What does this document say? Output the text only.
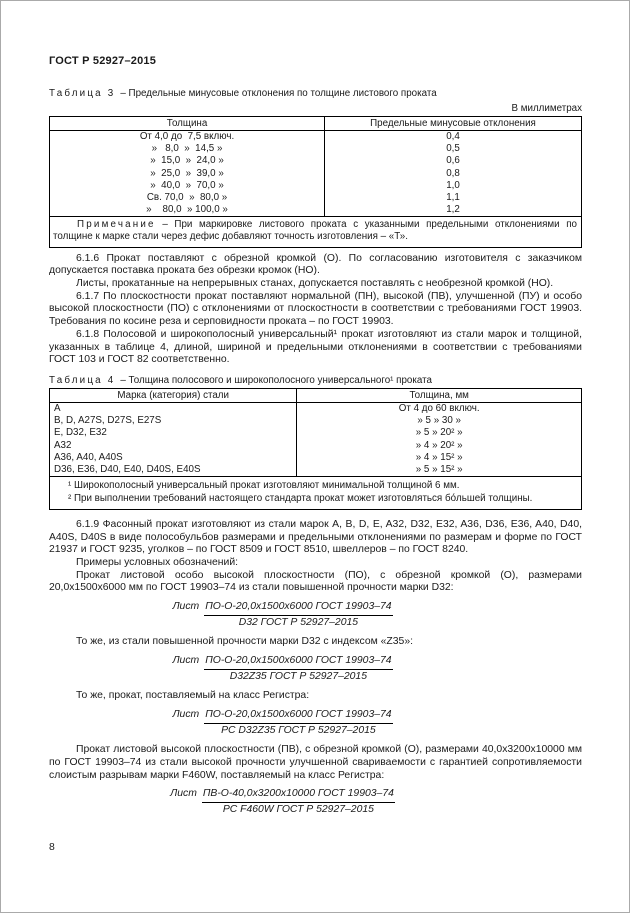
ГОСТ Р 52927–2015
Таблица 3 – Предельные минусовые отклонения по толщине листового проката
В миллиметрах
Толщина	Предельные минусовые отклонения
От 4,0 до  7,5 включ.	0,4
»   8,0  »  14,5 »	0,5
»  15,0  »  24,0 »	0,6
»  25,0  »  39,0 »	0,8
»  40,0  »  70,0 »	1,0
Св. 70,0  »  80,0 »	1,1
»    80,0  » 100,0 »	1,2
Примечание – При маркировке листового проката с указанными предельными отклонениями по толщине к марке стали через дефис добавляют точность изготовления – «Т».	

6.1.6 Прокат поставляют с обрезной кромкой (О). По согласованию изготовителя с заказчиком допускается поставка проката без обрезки кромок (НО).

Листы, прокатанные на непрерывных станах, допускается поставлять с необрезной кромкой (НО).

6.1.7 По плоскостности прокат поставляют нормальной (ПН), высокой (ПВ), улучшенной (ПУ) и особо высокой плоскостности (ПО) с отклонениями от плоскостности в соответствии с требованиями ГОСТ 19903. Требования по косине реза и серповидности проката – по ГОСТ 19903.

6.1.8 Полосовой и широкополосный универсальный¹ прокат изготовляют из стали марок и толщиной, указанных в таблице 4, длиной, шириной и предельными отклонениями в соответствии с требованиями ГОСТ 103 и ГОСТ 82 соответственно.

Таблица 4 – Толщина полосового и широкополосного универсального¹ проката
Марка (категория) стали	Толщина, мм
А	От 4 до 60 включ.
B, D, A27S, D27S, E27S	» 5 » 30 »
E, D32, E32	» 5 » 20² »
A32	» 4 » 20² »
A36, A40, A40S	» 4 » 15² »
D36, E36, D40, E40, D40S, E40S	» 5 » 15² »

¹ Широкополосный универсальный прокат изготовляют минимальной толщиной 6 мм.
² При выполнении требований настоящего стандарта прокат может изготовляться бо́льшей толщины.	

6.1.9 Фасонный прокат изготовляют из стали марок A, B, D, E, A32, D32, E32, A36, D36, E36, A40, D40, A40S, D40S в виде полособульбов размерами и предельными отклонениями по размерам и форме по ГОСТ 21937 и ГОСТ 9235, уголков – по ГОСТ 8509 и ГОСТ 8510, швеллеров – по ГОСТ 8240.

Примеры условных обозначений:

Прокат листовой особо высокой плоскостности (ПО), с обрезной кромкой (О), размерами 20,0х1500х6000 мм по ГОСТ 19903–74 из стали повышенной прочности марки D32:

Лист $\frac{\text{ПО-О-20,0х1500х6000 ГОСТ 19903–74}}{\text{D32 ГОСТ Р 52927–2015}}$

То же, из стали повышенной прочности марки D32 с индексом «Z35»:

Лист $\frac{\text{ПО-О-20,0х1500х6000 ГОСТ 19903–74}}{\text{D32Z35 ГОСТ Р 52927–2015}}$

То же, прокат, поставляемый на класс Регистра:

Лист $\frac{\text{ПО-О-20,0х1500х6000 ГОСТ 19903–74}}{\text{РС D32Z35 ГОСТ Р 52927–2015}}$

Прокат листовой высокой плоскостности (ПВ), с обрезной кромкой (О), размерами 40,0х3200х10000 мм по ГОСТ 19903–74 из стали высокой прочности улучшенной свариваемости с гарантией сопротивляемости слоистым разрывам марки F460W, поставляемый на класс Регистра:

Лист $\frac{\text{ПВ-О-40,0х3200х10000 ГОСТ 19903–74}}{\text{РС F460W ГОСТ Р 52927–2015}}$
8
